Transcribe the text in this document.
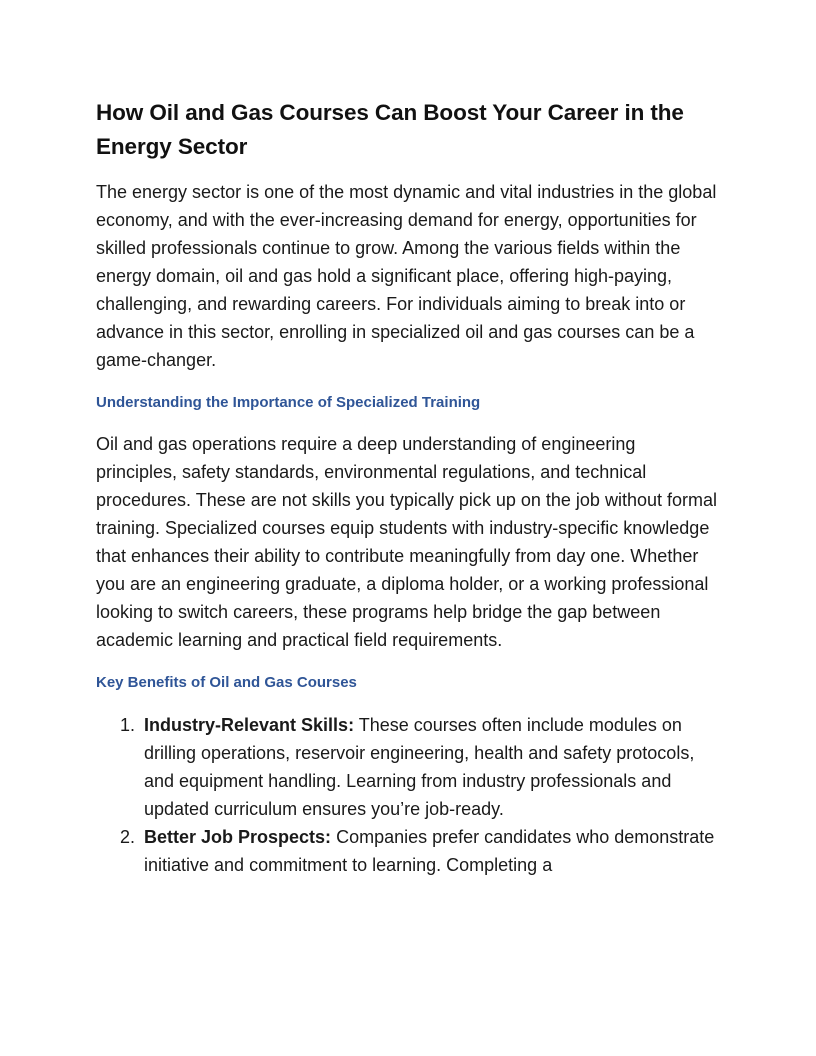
How Oil and Gas Courses Can Boost Your Career in the Energy Sector

The energy sector is one of the most dynamic and vital industries in the global economy, and with the ever-increasing demand for energy, opportunities for skilled professionals continue to grow. Among the various fields within the energy domain, oil and gas hold a significant place, offering high-paying, challenging, and rewarding careers. For individuals aiming to break into or advance in this sector, enrolling in specialized oil and gas courses can be a game-changer.

Understanding the Importance of Specialized Training

Oil and gas operations require a deep understanding of engineering principles, safety standards, environmental regulations, and technical procedures. These are not skills you typically pick up on the job without formal training. Specialized courses equip students with industry-specific knowledge that enhances their ability to contribute meaningfully from day one. Whether you are an engineering graduate, a diploma holder, or a working professional looking to switch careers, these programs help bridge the gap between academic learning and practical field requirements.

Key Benefits of Oil and Gas Courses
1. Industry-Relevant Skills: These courses often include modules on drilling operations, reservoir engineering, health and safety protocols, and equipment handling. Learning from industry professionals and updated curriculum ensures you’re job-ready.
2. Better Job Prospects: Companies prefer candidates who demonstrate initiative and commitment to learning. Completing a
